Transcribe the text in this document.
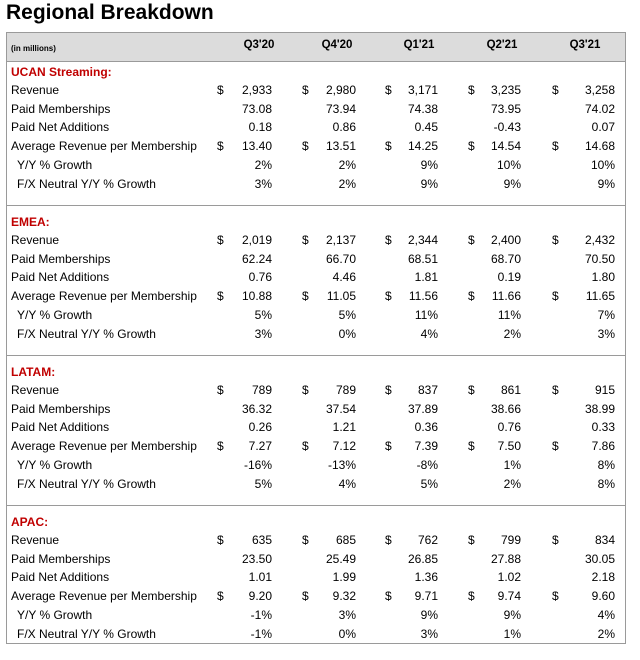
Regional Breakdown
(in millions)	Q3'20	Q4'20	Q1'21	Q2'21	Q3'21
UCAN Streaming:
Revenue	$	2,933	$	2,980 $	3,171	$	3,235	$	3,258
Paid Memberships	73.08	73.94	74.38	73.95	74.02
Paid Net Additions	0.18	0.86	0.45	-0.43	0.07
Average Revenue per Membership $	13.40	$	13.51 $	14.25	$	14.54	$	14.68
Y/Y % Growth	2%	2%	9%	10%	10%
F/X Neutral Y/Y % Growth	3%	2%	9%	9%	9%
EMEA:
Revenue	$	2,019	$	2,137 $	2,344	$	2,400	$	2,432
Paid Memberships	62.24	66.70	68.51	68.70	70.50
Paid Net Additions	0.76	4.46	1.81	0.19	1.80
Average Revenue per Membership $	10.88	$	11.05 $	11.56	$	11.66	$	11.65
Y/Y % Growth	5%	5%	11%	11%	7%
F/X Neutral Y/Y % Growth	3%	0%	4%	2%	3%
LATAM:
Revenue	$	789	$	789 $	837	$	861	$	915
Paid Memberships	36.32	37.54	37.89	38.66	38.99
Paid Net Additions	0.26	1.21	0.36	0.76	0.33
Average Revenue per Membership $	7.27	$	7.12 $	7.39	$	7.50	$	7.86
Y/Y % Growth	-16%	-13%	-8%	1%	8%
F/X Neutral Y/Y % Growth	5%	4%	5%	2%	8%
APAC:
Revenue	$	635	$	685 $	762	$	799	$	834
Paid Memberships	23.50	25.49	26.85	27.88	30.05
Paid Net Additions	1.01	1.99	1.36	1.02	2.18
Average Revenue per Membership $	9.20	$	9.32 $	9.71	$	9.74	$	9.60
Y/Y % Growth	-1%	3%	9%	9%	4%
F/X Neutral Y/Y % Growth	-1%	0%	3%	1%	2%
